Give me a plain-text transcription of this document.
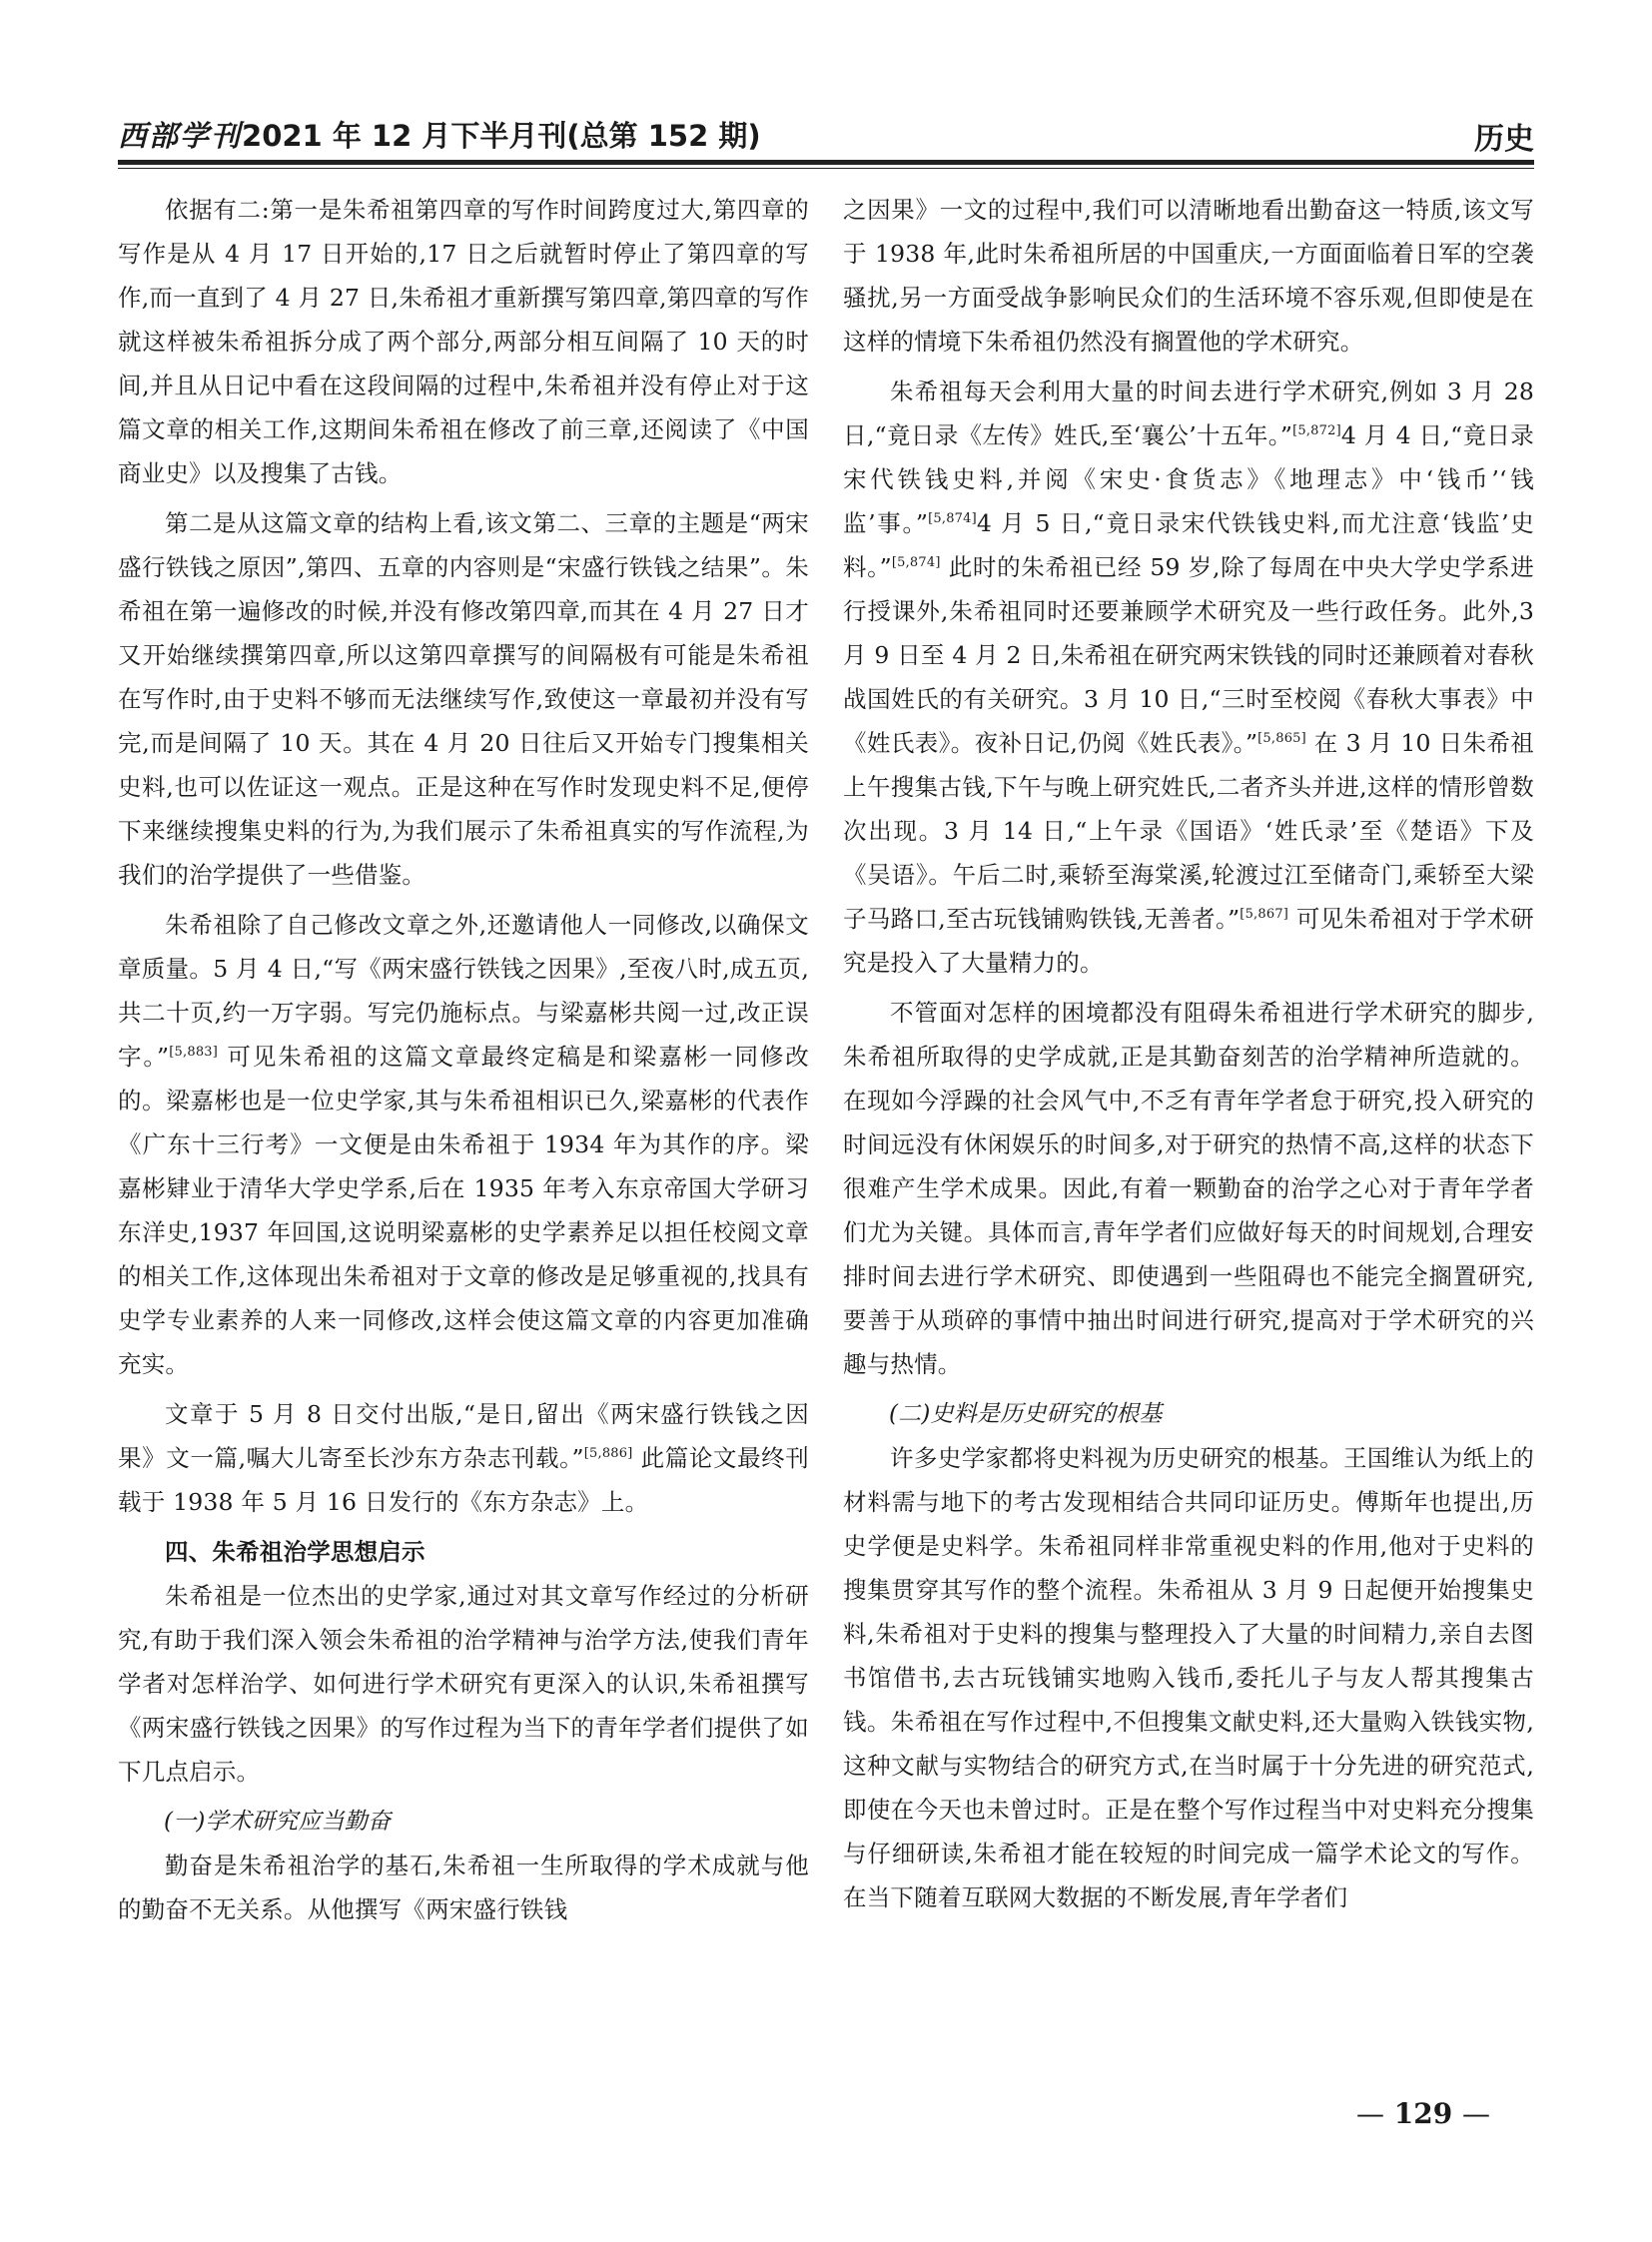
西部学刊2021 年 12 月下半月刊(总第 152 期)	历史

依据有二:第一是朱希祖第四章的写作时间跨度过大,第四章的写作是从 4 月 17 日开始的,17 日之后就暂时停止了第四章的写作,而一直到了 4 月 27 日,朱希祖才重新撰写第四章,第四章的写作就这样被朱希祖拆分成了两个部分,两部分相互间隔了 10 天的时间,并且从日记中看在这段间隔的过程中,朱希祖并没有停止对于这篇文章的相关工作,这期间朱希祖在修改了前三章,还阅读了《中国商业史》以及搜集了古钱。

第二是从这篇文章的结构上看,该文第二、三章的主题是“两宋盛行铁钱之原因”,第四、五章的内容则是“宋盛行铁钱之结果”。朱希祖在第一遍修改的时候,并没有修改第四章,而其在 4 月 27 日才又开始继续撰第四章,所以这第四章撰写的间隔极有可能是朱希祖在写作时,由于史料不够而无法继续写作,致使这一章最初并没有写完,而是间隔了 10 天。其在 4 月 20 日往后又开始专门搜集相关史料,也可以佐证这一观点。正是这种在写作时发现史料不足,便停下来继续搜集史料的行为,为我们展示了朱希祖真实的写作流程,为我们的治学提供了一些借鉴。

朱希祖除了自己修改文章之外,还邀请他人一同修改,以确保文章质量。5 月 4 日,“写《两宋盛行铁钱之因果》,至夜八时,成五页,共二十页,约一万字弱。写完仍施标点。与梁嘉彬共阅一过,改正误字。”[5,883] 可见朱希祖的这篇文章最终定稿是和梁嘉彬一同修改的。梁嘉彬也是一位史学家,其与朱希祖相识已久,梁嘉彬的代表作《广东十三行考》一文便是由朱希祖于 1934 年为其作的序。梁嘉彬肄业于清华大学史学系,后在 1935 年考入东京帝国大学研习东洋史,1937 年回国,这说明梁嘉彬的史学素养足以担任校阅文章的相关工作,这体现出朱希祖对于文章的修改是足够重视的,找具有史学专业素养的人来一同修改,这样会使这篇文章的内容更加准确充实。

文章于 5 月 8 日交付出版,“是日,留出《两宋盛行铁钱之因果》文一篇,嘱大儿寄至长沙东方杂志刊载。”[5,886] 此篇论文最终刊载于 1938 年 5 月 16 日发行的《东方杂志》上。

四、朱希祖治学思想启示

朱希祖是一位杰出的史学家,通过对其文章写作经过的分析研究,有助于我们深入领会朱希祖的治学精神与治学方法,使我们青年学者对怎样治学、如何进行学术研究有更深入的认识,朱希祖撰写《两宋盛行铁钱之因果》的写作过程为当下的青年学者们提供了如下几点启示。

(一)学术研究应当勤奋

勤奋是朱希祖治学的基石,朱希祖一生所取得的学术成就与他的勤奋不无关系。从他撰写《两宋盛行铁钱

之因果》一文的过程中,我们可以清晰地看出勤奋这一特质,该文写于 1938 年,此时朱希祖所居的中国重庆,一方面面临着日军的空袭骚扰,另一方面受战争影响民众们的生活环境不容乐观,但即使是在这样的情境下朱希祖仍然没有搁置他的学术研究。

朱希祖每天会利用大量的时间去进行学术研究,例如 3 月 28 日,“竟日录《左传》姓氏,至‘襄公’十五年。”[5,872]4 月 4 日,“竟日录宋代铁钱史料,并阅《宋史·食货志》《地理志》中‘钱币’‘钱监’事。”[5,874]4 月 5 日,“竟日录宋代铁钱史料,而尤注意‘钱监’史料。”[5,874] 此时的朱希祖已经 59 岁,除了每周在中央大学史学系进行授课外,朱希祖同时还要兼顾学术研究及一些行政任务。此外,3 月 9 日至 4 月 2 日,朱希祖在研究两宋铁钱的同时还兼顾着对春秋战国姓氏的有关研究。3 月 10 日,“三时至校阅《春秋大事表》中《姓氏表》。夜补日记,仍阅《姓氏表》。”[5,865] 在 3 月 10 日朱希祖上午搜集古钱,下午与晚上研究姓氏,二者齐头并进,这样的情形曾数次出现。3 月 14 日,“上午录《国语》‘姓氏录’至《楚语》下及《吴语》。午后二时,乘轿至海棠溪,轮渡过江至储奇门,乘轿至大梁子马路口,至古玩钱铺购铁钱,无善者。”[5,867] 可见朱希祖对于学术研究是投入了大量精力的。

不管面对怎样的困境都没有阻碍朱希祖进行学术研究的脚步,朱希祖所取得的史学成就,正是其勤奋刻苦的治学精神所造就的。在现如今浮躁的社会风气中,不乏有青年学者怠于研究,投入研究的时间远没有休闲娱乐的时间多,对于研究的热情不高,这样的状态下很难产生学术成果。因此,有着一颗勤奋的治学之心对于青年学者们尤为关键。具体而言,青年学者们应做好每天的时间规划,合理安排时间去进行学术研究、即使遇到一些阻碍也不能完全搁置研究,要善于从琐碎的事情中抽出时间进行研究,提高对于学术研究的兴趣与热情。

(二)史料是历史研究的根基

许多史学家都将史料视为历史研究的根基。王国维认为纸上的材料需与地下的考古发现相结合共同印证历史。傅斯年也提出,历史学便是史料学。朱希祖同样非常重视史料的作用,他对于史料的搜集贯穿其写作的整个流程。朱希祖从 3 月 9 日起便开始搜集史料,朱希祖对于史料的搜集与整理投入了大量的时间精力,亲自去图书馆借书,去古玩钱铺实地购入钱币,委托儿子与友人帮其搜集古钱。朱希祖在写作过程中,不但搜集文献史料,还大量购入铁钱实物,这种文献与实物结合的研究方式,在当时属于十分先进的研究范式,即使在今天也未曾过时。正是在整个写作过程当中对史料充分搜集与仔细研读,朱希祖才能在较短的时间完成一篇学术论文的写作。在当下随着互联网大数据的不断发展,青年学者们

— 129 —
